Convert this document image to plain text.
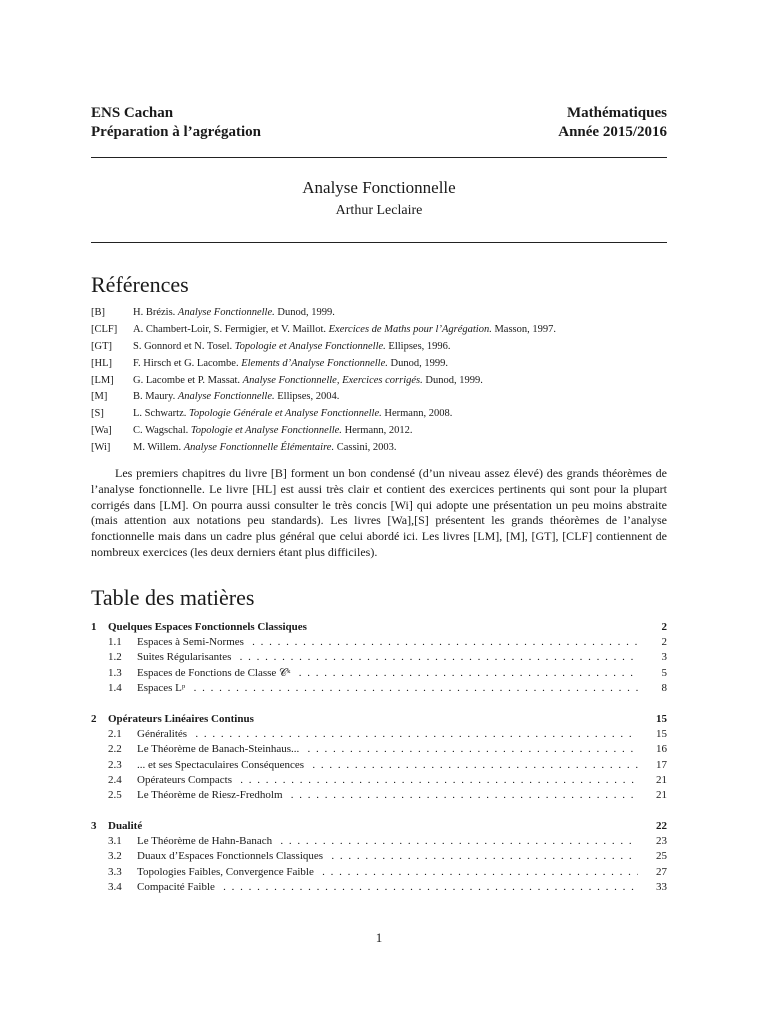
ENS Cachan
Préparation à l’agrégation
Mathématiques
Année 2015/2016
Analyse Fonctionnelle
Arthur Leclaire
Références
[B]	H. Brézis. Analyse Fonctionnelle. Dunod, 1999.
[CLF] A. Chambert-Loir, S. Fermigier, et V. Maillot. Exercices de Maths pour l’Agrégation. Masson, 1997.
[GT] S. Gonnord et N. Tosel. Topologie et Analyse Fonctionnelle. Ellipses, 1996.
[HL] F. Hirsch et G. Lacombe. Elements d’Analyse Fonctionnelle. Dunod, 1999.
[LM] G. Lacombe et P. Massat. Analyse Fonctionnelle, Exercices corrigés. Dunod, 1999.
[M] B. Maury. Analyse Fonctionnelle. Ellipses, 2004.
[S]	L. Schwartz. Topologie Générale et Analyse Fonctionnelle. Hermann, 2008.
[Wa] C. Wagschal. Topologie et Analyse Fonctionnelle. Hermann, 2012.
[Wi] M. Willem. Analyse Fonctionnelle Élémentaire. Cassini, 2003.

Les premiers chapitres du livre [B] forment un bon condensé (d’un niveau assez élevé) des grands théorèmes de l’analyse fonctionnelle. Le livre [HL] est aussi très clair et contient des exercices pertinents qui sont pour la plupart corrigés dans [LM]. On pourra aussi consulter le très concis [Wi] qui adopte une présentation un peu moins abstraite (mais attention aux notations peu standards). Les livres [Wa],[S] présentent les grands théorèmes de l’analyse fonctionnelle mais dans un cadre plus général que celui abordé ici. Les livres [LM], [M], [GT], [CLF] contiennent de nombreux exercices (les deux derniers étant plus difficiles).

Table des matières
1 Quelques Espaces Fonctionnels Classiques	2
1.1 Espaces à Semi-Normes . . .	2
1.2 Suites Régularisantes . . .	3
1.3 Espaces de Fonctions de Classe 𝒞ᵏ . . .	5
1.4 Espaces Lᵖ . . .	8
2 Opérateurs Linéaires Continus	15
2.1 Généralités . . .	15
2.2 Le Théorème de Banach-Steinhaus... . . .	16
2.3 ... et ses Spectaculaires Conséquences . . .	17
2.4 Opérateurs Compacts . . .	21
2.5 Le Théorème de Riesz-Fredholm . . .	21
3 Dualité	22
3.1 Le Théorème de Hahn-Banach . . .	23
3.2 Duaux d’Espaces Fonctionnels Classiques . . .	25
3.3 Topologies Faibles, Convergence Faible . . .	27
3.4 Compacité Faible . . .	33
1
